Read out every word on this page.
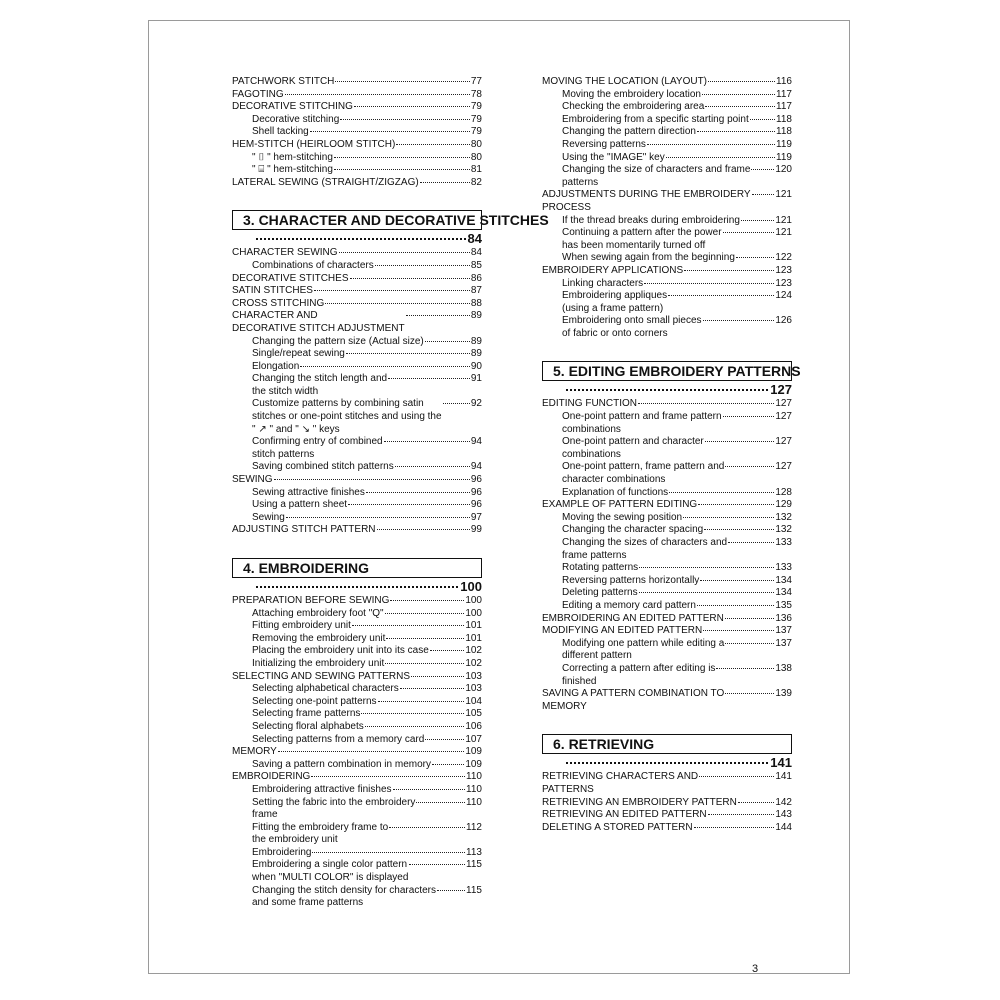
PATCHWORK STITCH	77
FAGOTING	78
DECORATIVE STITCHING	79
Decorative stitching	79
Shell tacking	79
HEM-STITCH (HEIRLOOM STITCH)	80
" ⌷ " hem-stitching	80
" ⌸ " hem-stitching	81
LATERAL SEWING (STRAIGHT/ZIGZAG)	82
3. CHARACTER AND DECORATIVE STITCHES
84
CHARACTER SEWING	84
Combinations of characters	85
DECORATIVE STITCHES	86
SATIN STITCHES	87
CROSS STITCHING	88
CHARACTER AND
DECORATIVE STITCH ADJUSTMENT
89
Changing the pattern size (Actual size)	89
Single/repeat sewing	89
Elongation	90
Changing the stitch length and
the stitch width
91
Customize patterns by combining satin
stitches or one-point stitches and using the
" ↗ " and " ↘ " keys
92
Confirming entry of combined
stitch patterns
94
Saving combined stitch patterns	94
SEWING	96
Sewing attractive finishes	96
Using a pattern sheet	96
Sewing	97
ADJUSTING STITCH PATTERN	99
4. EMBROIDERING
100
PREPARATION BEFORE SEWING	100
Attaching embroidery foot "Q"	100
Fitting embroidery unit	101
Removing the embroidery unit	101
Placing the embroidery unit into its case	102
Initializing the embroidery unit	102
SELECTING AND SEWING PATTERNS	103
Selecting alphabetical characters	103
Selecting one-point patterns	104
Selecting frame patterns	105
Selecting floral alphabets	106
Selecting patterns from a memory card	107
MEMORY	109
Saving a pattern combination in memory	109
EMBROIDERING	110
Embroidering attractive finishes	110
Setting the fabric into the embroidery
frame
110
Fitting the embroidery frame to
the embroidery unit
112
Embroidering	113
Embroidering a single color pattern
when "MULTI COLOR" is displayed
115
Changing the stitch density for characters
and some frame patterns
115
MOVING THE LOCATION (LAYOUT)	116
Moving the embroidery location	117
Checking the embroidering area	117
Embroidering from a specific starting point	118
Changing the pattern direction	118
Reversing patterns	119
Using the "IMAGE" key	119
Changing the size of characters and frame
patterns
120
ADJUSTMENTS DURING THE EMBROIDERY
PROCESS
121
If the thread breaks during embroidering	121
Continuing a pattern after the power
has been momentarily turned off
121
When sewing again from the beginning	122
EMBROIDERY APPLICATIONS	123
Linking characters	123
Embroidering appliques
(using a frame pattern)
124
Embroidering onto small pieces
of fabric or onto corners
126
5. EDITING EMBROIDERY PATTERNS
127
EDITING FUNCTION	127
One-point pattern and frame pattern
combinations
127
One-point pattern and character
combinations
127
One-point pattern, frame pattern and
character combinations
127
Explanation of functions	128
EXAMPLE OF PATTERN EDITING	129
Moving the sewing position	132
Changing the character spacing	132
Changing the sizes of characters and
frame patterns
133
Rotating patterns	133
Reversing patterns horizontally	134
Deleting patterns	134
Editing a memory card pattern	135
EMBROIDERING AN EDITED PATTERN	136
MODIFYING AN EDITED PATTERN	137
Modifying one pattern while editing a
different pattern
137
Correcting a pattern after editing is
finished
138
SAVING A PATTERN COMBINATION TO
MEMORY
139
6. RETRIEVING
141
RETRIEVING CHARACTERS AND
PATTERNS
141
RETRIEVING AN EMBROIDERY PATTERN	142
RETRIEVING AN EDITED PATTERN	143
DELETING A STORED PATTERN	144
3
